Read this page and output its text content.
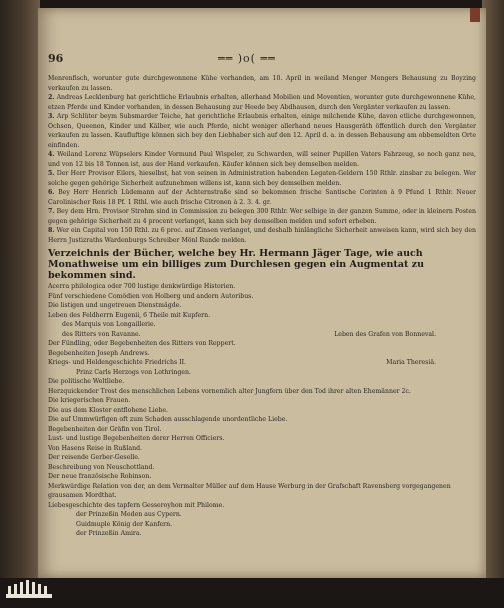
96	══ )o( ══
Menrenfisch, worunter gute durchgewonnene Kühe vorhanden, am 10. April in weiland Menger Mengers Behausung zu Boyzing verkaufen zu lassen.
2. Andreas Lecklenburg hat gerichtliche Erlaubnis erhalten, allerhand Mobilien und Moventien, worunter gute durchgewonnene Kühe, etzen Pferde und Kinder vorhanden, in dessen Behausung zur Heede bey Abdhausen, durch den Vergänter verkaufen zu lassen.
3. Arp Schlüter beym Subsmarder Teiche, hat gerichtliche Erlaubnis erhalten, einige milchende Kühe, davon etliche durchgewonnen, Ochsen, Queenen, Kinder und Kälber, wie auch Pferde, nicht weniger allerhand neues Hausgeräth öffentlich durch den Vergänter verkaufen zu lassen. Kaufluftige können sich bey den Liebhaber sich auf den 12. April d. a. in dessen Behausung am obbemeldten Orte einfinden.
4. Weiland Lorenz Wüpselers Kinder Vormund Paul Wispeler, zu Schwarden, will seiner Pupillen Vaters Fahrzeug, so noch ganz neu, und von 12 bis 18 Tonnen ist, aus der Hand verkaufen. Käufer können sich bey demselben melden.
5. Der Herr Provisor Eilers, hieselbst, hat von seinen in Administration habenden Legaten-Geldern 150 Rthlr. zinsbar zu belegen. Wer solche gegen gehörige Sicherheit aufzunehmen willens ist, kann sich bey demselben melden.
6. Bey Herr Henrich Lüdemann auf der Achternstraße sind so bekommen frische Santische Corinten à 9 Pfund 1 Rthlr. Neuer Carolinischer Reis 18 Pf. 1 Rthl. wie auch frische Citronen à 2. 3. 4. gr.
7. Bey dem Hrn. Provisor Strohm sind in Commission zu belegen 300 Rthlr. Wer selbige in der ganzen Summe, oder in kleinern Posten gegen gehörige Sicherheit zu 4 procent verlanget, kann sich bey demselben melden und sofort erheben.
8. Wer ein Capital von 150 Rthl. zu 6 proc. auf Zinsen verlanget, und deshalb hinlängliche Sicherheit anweisen kann, wird sich bey den Herrn Justizraths Wardenburgs Schreiber Mönl Runde melden.
Verzeichnis der Bücher, welche bey Hr. Hermann Jäger Tage, wie auch Monathweise um ein billiges zum Durchlesen gegen ein Augmentat zu bekommen sind.
Acerra philologica oder 700 lustige denkwürdige Historien.
Fünf verschiedene Comödien von Holberg und andern Autoribus.
Die listigen und ungetreuen Dienstmägde.
Leben des Feldherrn Eugenii, 6 Theile mit Kupfern.
des Marquis von Longaillerie.
des Ritters von Ravanne.	Leben des Grafen von Bonneval.
Der Fündling, oder Begebenheiten des Ritters von Reppert.
Begebenheiten Joseph Andrews.
Kriegs- und Heldengeschichte Friedrichs II.	Maria Theresiä.
Prinz Carls Herzogs von Lothringen.
Die politische Weltliebe.
Herzquickender Trost des menschlichen Lebens vornemlich alter Jungfern über den Tod ihrer alten Ehemänner 2c.
Die kriegerischen Frauen.
Die aus dem Kloster entflohene Liebe.
Die auf Ummwürfigen oft zum Schaden ausschlagende unordentliche Liebe.
Begebenheiten der Gräfin von Tirol.
Lust- und lustige Begebenheiten derer Herren Officiers.
Von Hasens Reise in Rußland.
Der reisende Gerber-Geselle.
Beschreibung von Neuschottland.
Der neue französische Robinson.
Merkwürdige Relation von der, an dem Vermalter Müller auf dem Hause Werburg in der Grafschaft Ravensberg vorgegangenen grausamen Mordthat.
Liebesgeschichte des tapfern Gesseroyhon mit Philome.
der Prinzeßin Meden aus Cypern.
Guidmuple König der Kanfern.
der Prinzeßin Amira.
